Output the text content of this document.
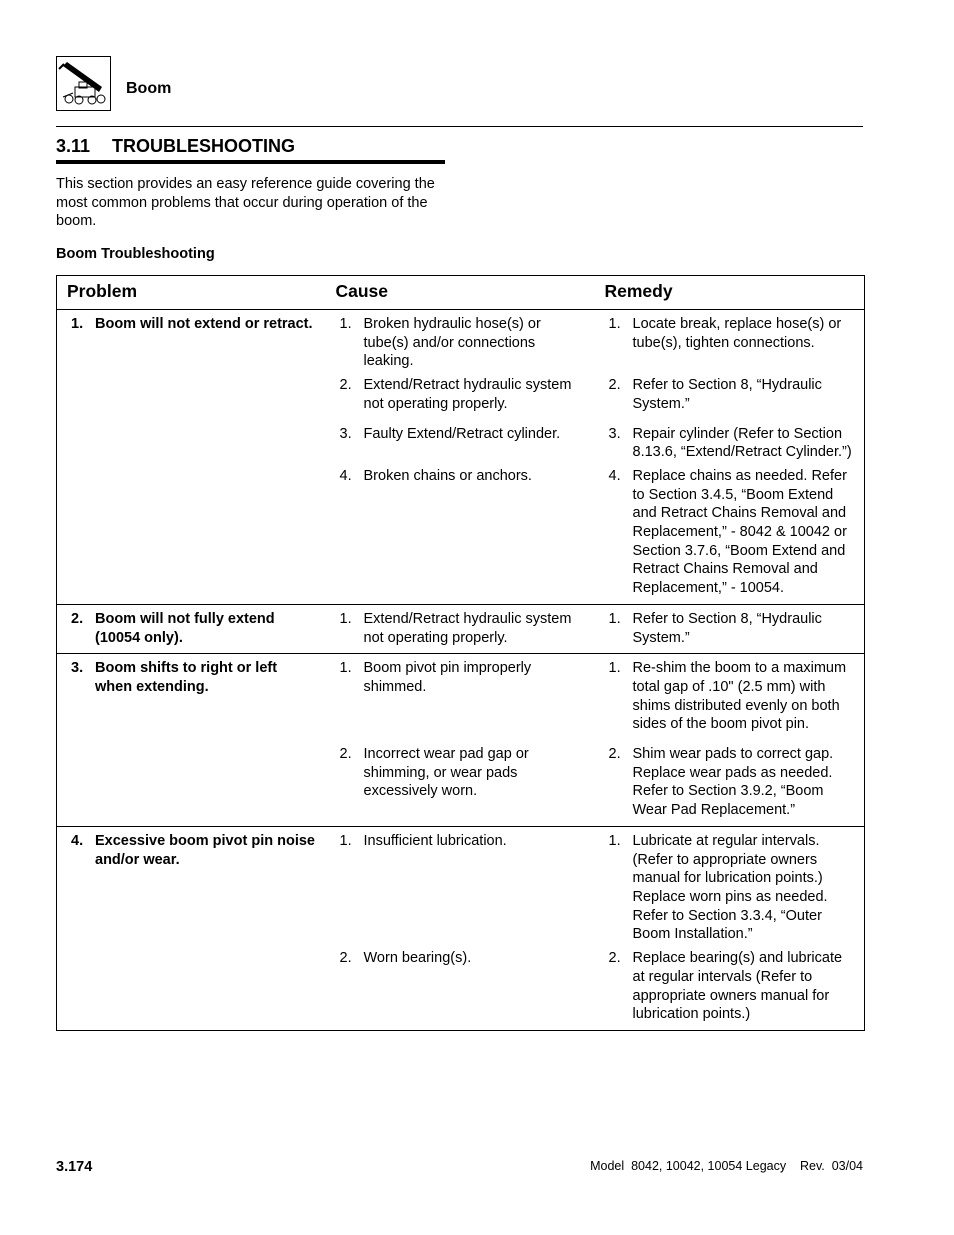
Boom
3.11 TROUBLESHOOTING

This section provides an easy reference guide covering the most common problems that occur during operation of the boom.

Boom Troubleshooting
Problem	Cause	Remedy

1. Boom will not extend or retract.	1. Broken hydraulic hose(s) or tube(s) and/or connections leaking.	1. Locate break, replace hose(s) or tube(s), tighten connections.

	2. Extend/Retract hydraulic system not operating properly.	2. Refer to Section 8, “Hydraulic System.”

	3. Faulty Extend/Retract cylinder.	3. Repair cylinder (Refer to Section 8.13.6, “Extend/Retract Cylinder.”)

	4. Broken chains or anchors.	4. Replace chains as needed. Refer to Section 3.4.5, “Boom Extend and Retract Chains Removal and Replacement,” - 8042 & 10042 or Section 3.7.6, “Boom Extend and Retract Chains Removal and Replacement,” - 10054.

2. Boom will not fully extend (10054 only).	1. Extend/Retract hydraulic system not operating properly.	1. Refer to Section 8, “Hydraulic System.”

3. Boom shifts to right or left when extending.	1. Boom pivot pin improperly shimmed.	1. Re-shim the boom to a maximum total gap of .10" (2.5 mm) with shims distributed evenly on both sides of the boom pivot pin.

	2. Incorrect wear pad gap or shimming, or wear pads excessively worn.	2. Shim wear pads to correct gap. Replace wear pads as needed. Refer to Section 3.9.2, “Boom Wear Pad Replacement.”

4. Excessive boom pivot pin noise and/or wear.	1. Insufficient lubrication.	1. Lubricate at regular intervals. (Refer to appropriate owners manual for lubrication points.) Replace worn pins as needed. Refer to Section 3.3.4, “Outer Boom Installation.”

	2. Worn bearing(s).	2. Replace bearing(s) and lubricate at regular intervals (Refer to appropriate owners manual for lubrication points.)
3.174	Model  8042, 10042, 10054 Legacy    Rev.  03/04
